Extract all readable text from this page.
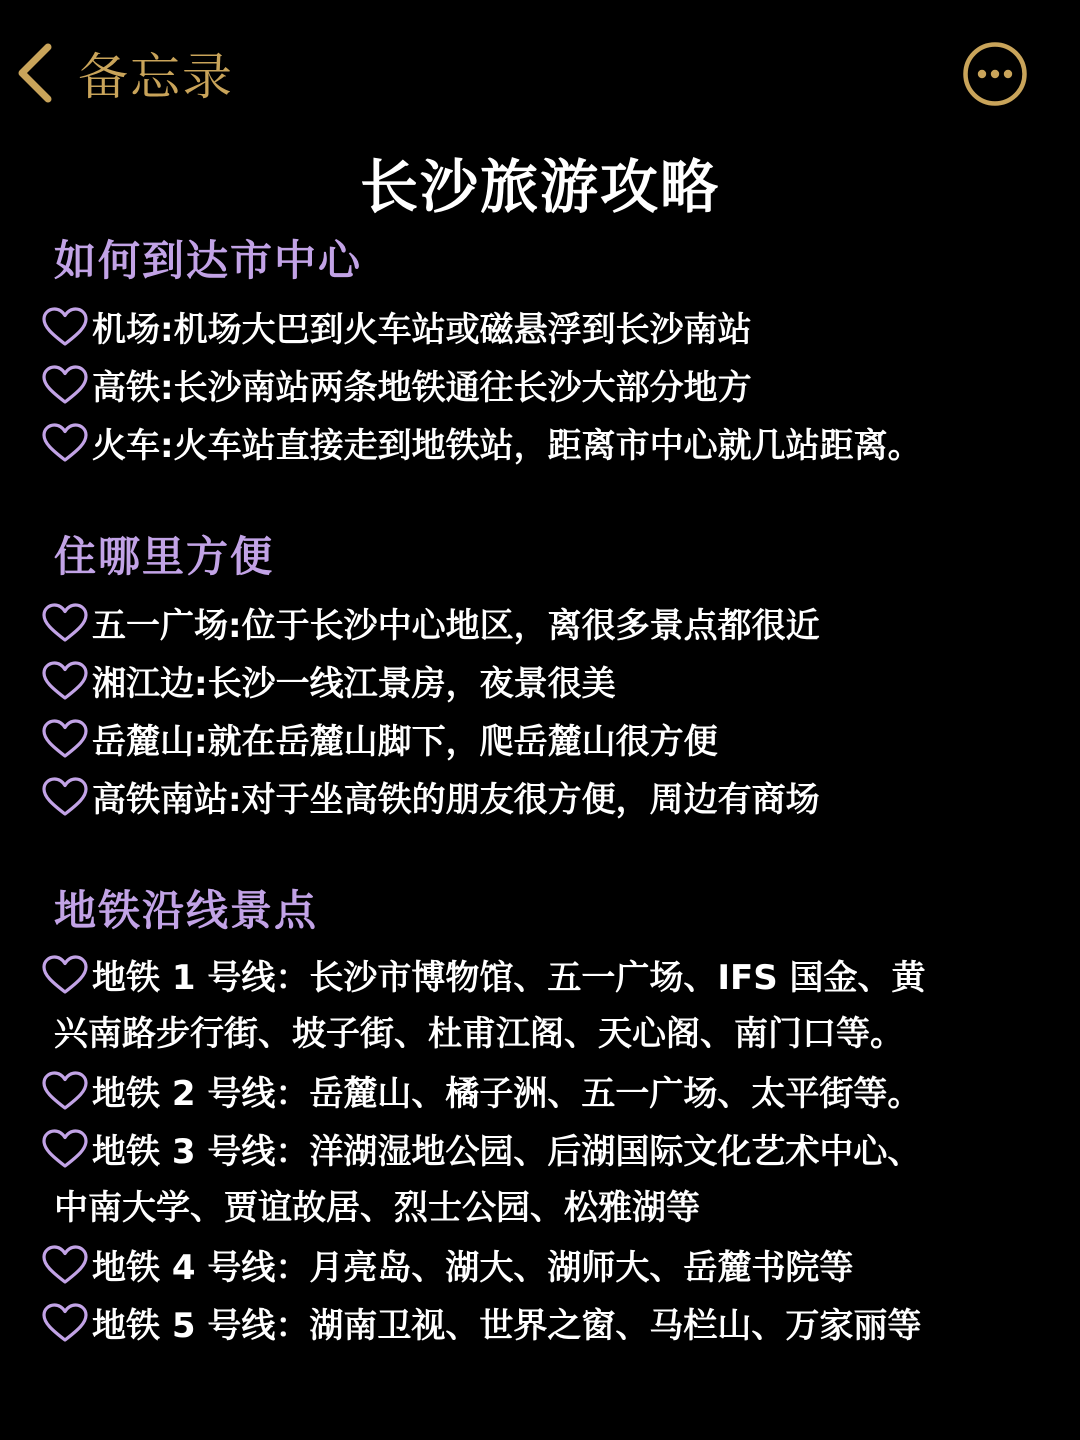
备忘录
长沙旅游攻略
如何到达市中心
机场:机场大巴到火车站或磁悬浮到长沙南站
高铁:长沙南站两条地铁通往长沙大部分地方
火车:火车站直接走到地铁站，距离市中心就几站距离。
住哪里方便
五一广场:位于长沙中心地区，离很多景点都很近
湘江边:长沙一线江景房，夜景很美
岳麓山:就在岳麓山脚下，爬岳麓山很方便
高铁南站:对于坐高铁的朋友很方便，周边有商场
地铁沿线景点
地铁 1 号线：长沙市博物馆、五一广场、IFS 国金、黄
兴南路步行街、坡子街、杜甫江阁、天心阁、南门口等。
地铁 2 号线：岳麓山、橘子洲、五一广场、太平街等。
地铁 3 号线：洋湖湿地公园、后湖国际文化艺术中心、
中南大学、贾谊故居、烈士公园、松雅湖等
地铁 4 号线：月亮岛、湖大、湖师大、岳麓书院等
地铁 5 号线：湖南卫视、世界之窗、马栏山、万家丽等
